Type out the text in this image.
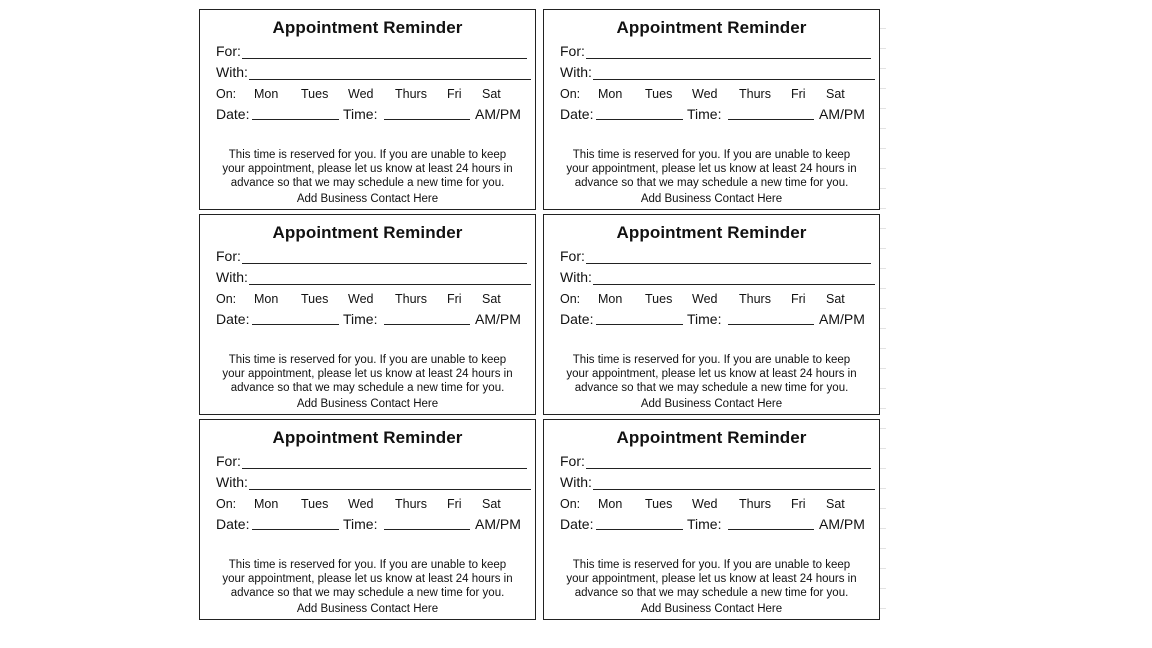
Appointment Reminder
For:
With:
On: Mon Tues Wed Thurs Fri Sat
Date:	Time:	AM/PM
This time is reserved for you. If you are unable to keep your appointment, please let us know at least 24 hours in advance so that we may schedule a new time for you.
Add Business Contact Here
Appointment Reminder
For:
With:
On: Mon Tues Wed Thurs Fri Sat
Date:	Time:	AM/PM
This time is reserved for you. If you are unable to keep your appointment, please let us know at least 24 hours in advance so that we may schedule a new time for you.
Add Business Contact Here
Appointment Reminder
For:
With:
On: Mon Tues Wed Thurs Fri Sat
Date:	Time:	AM/PM
This time is reserved for you. If you are unable to keep your appointment, please let us know at least 24 hours in advance so that we may schedule a new time for you.
Add Business Contact Here
Appointment Reminder
For:
With:
On: Mon Tues Wed Thurs Fri Sat
Date:	Time:	AM/PM
This time is reserved for you. If you are unable to keep your appointment, please let us know at least 24 hours in advance so that we may schedule a new time for you.
Add Business Contact Here
Appointment Reminder
For:
With:
On: Mon Tues Wed Thurs Fri Sat
Date:	Time:	AM/PM
This time is reserved for you. If you are unable to keep your appointment, please let us know at least 24 hours in advance so that we may schedule a new time for you.
Add Business Contact Here
Appointment Reminder
For:
With:
On: Mon Tues Wed Thurs Fri Sat
Date:	Time:	AM/PM
This time is reserved for you. If you are unable to keep your appointment, please let us know at least 24 hours in advance so that we may schedule a new time for you.
Add Business Contact Here
